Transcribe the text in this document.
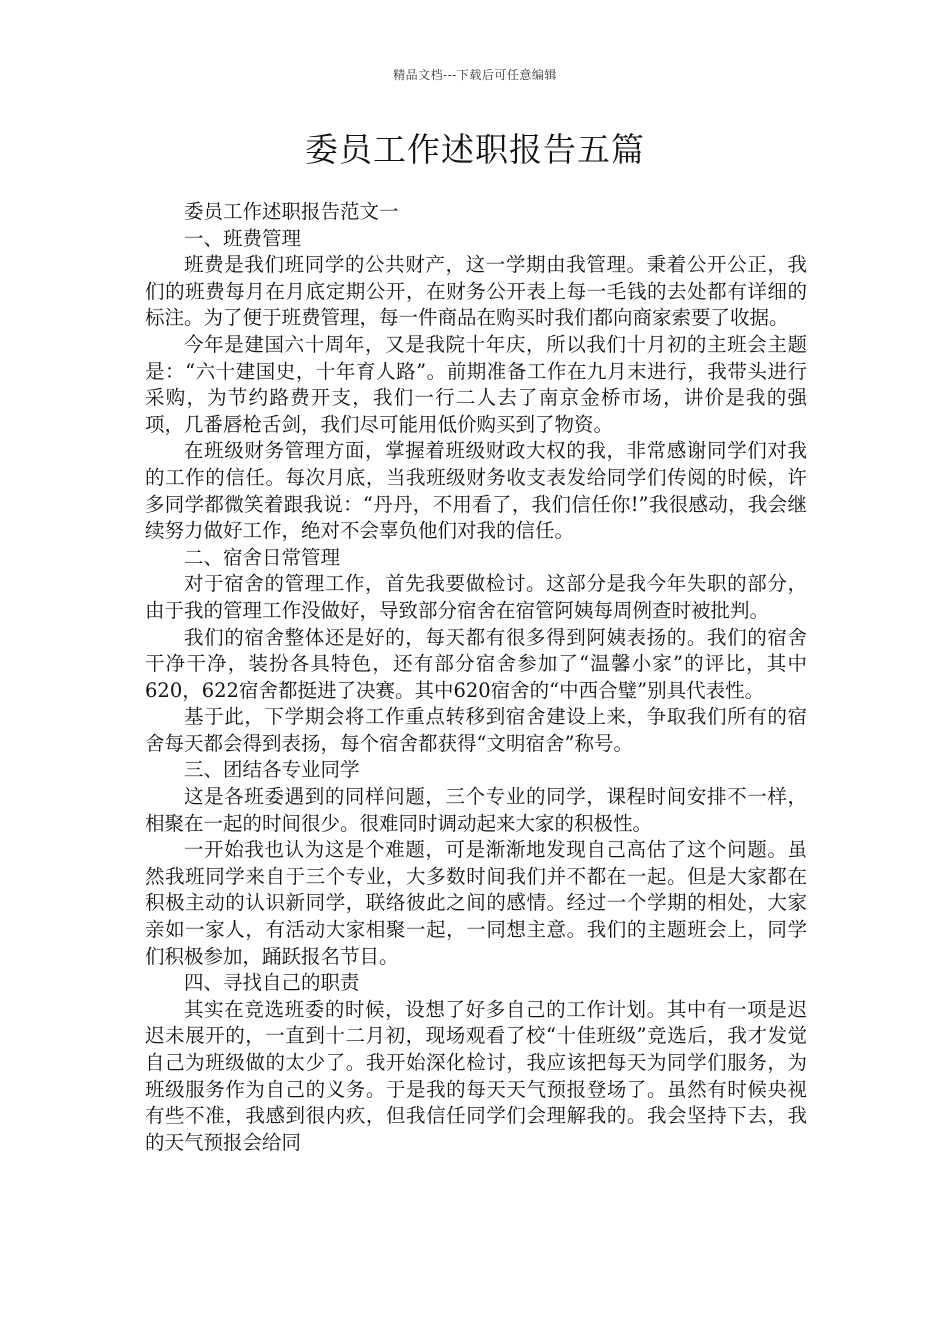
精品文档---下载后可任意编辑
委员工作述职报告五篇
委员工作述职报告范文一
一、班费管理

班费是我们班同学的公共财产，这一学期由我管理。秉着公开公正，我们的班费每月在月底定期公开，在财务公开表上每一毛钱的去处都有详细的标注。为了便于班费管理，每一件商品在购买时我们都向商家索要了收据。

今年是建国六十周年，又是我院十年庆，所以我们十月初的主班会主题是：“六十建国史，十年育人路”。前期准备工作在九月末进行，我带头进行采购，为节约路费开支，我们一行二人去了南京金桥市场，讲价是我的强项，几番唇枪舌剑，我们尽可能用低价购买到了物资。

在班级财务管理方面，掌握着班级财政大权的我，非常感谢同学们对我的工作的信任。每次月底，当我班级财务收支表发给同学们传阅的时候，许多同学都微笑着跟我说：“丹丹，不用看了，我们信任你!”我很感动，我会继续努力做好工作，绝对不会辜负他们对我的信任。

二、宿舍日常管理

对于宿舍的管理工作，首先我要做检讨。这部分是我今年失职的部分，由于我的管理工作没做好，导致部分宿舍在宿管阿姨每周例查时被批判。

我们的宿舍整体还是好的，每天都有很多得到阿姨表扬的。我们的宿舍干净干净，装扮各具特色，还有部分宿舍参加了“温馨小家”的评比，其中620，622宿舍都挺进了决赛。其中620宿舍的“中西合璧”别具代表性。

基于此，下学期会将工作重点转移到宿舍建设上来，争取我们所有的宿舍每天都会得到表扬，每个宿舍都获得“文明宿舍”称号。

三、团结各专业同学

这是各班委遇到的同样问题，三个专业的同学，课程时间安排不一样，相聚在一起的时间很少。很难同时调动起来大家的积极性。

一开始我也认为这是个难题，可是渐渐地发现自己高估了这个问题。虽然我班同学来自于三个专业，大多数时间我们并不都在一起。但是大家都在积极主动的认识新同学，联络彼此之间的感情。经过一个学期的相处，大家亲如一家人，有活动大家相聚一起，一同想主意。我们的主题班会上，同学们积极参加，踊跃报名节目。

四、寻找自己的职责

其实在竞选班委的时候，设想了好多自己的工作计划。其中有一项是迟迟未展开的，一直到十二月初，现场观看了校“十佳班级”竞选后，我才发觉自己为班级做的太少了。我开始深化检讨，我应该把每天为同学们服务，为班级服务作为自己的义务。于是我的每天天气预报登场了。虽然有时候央视有些不准，我感到很内疚，但我信任同学们会理解我的。我会坚持下去，我的天气预报会给同
